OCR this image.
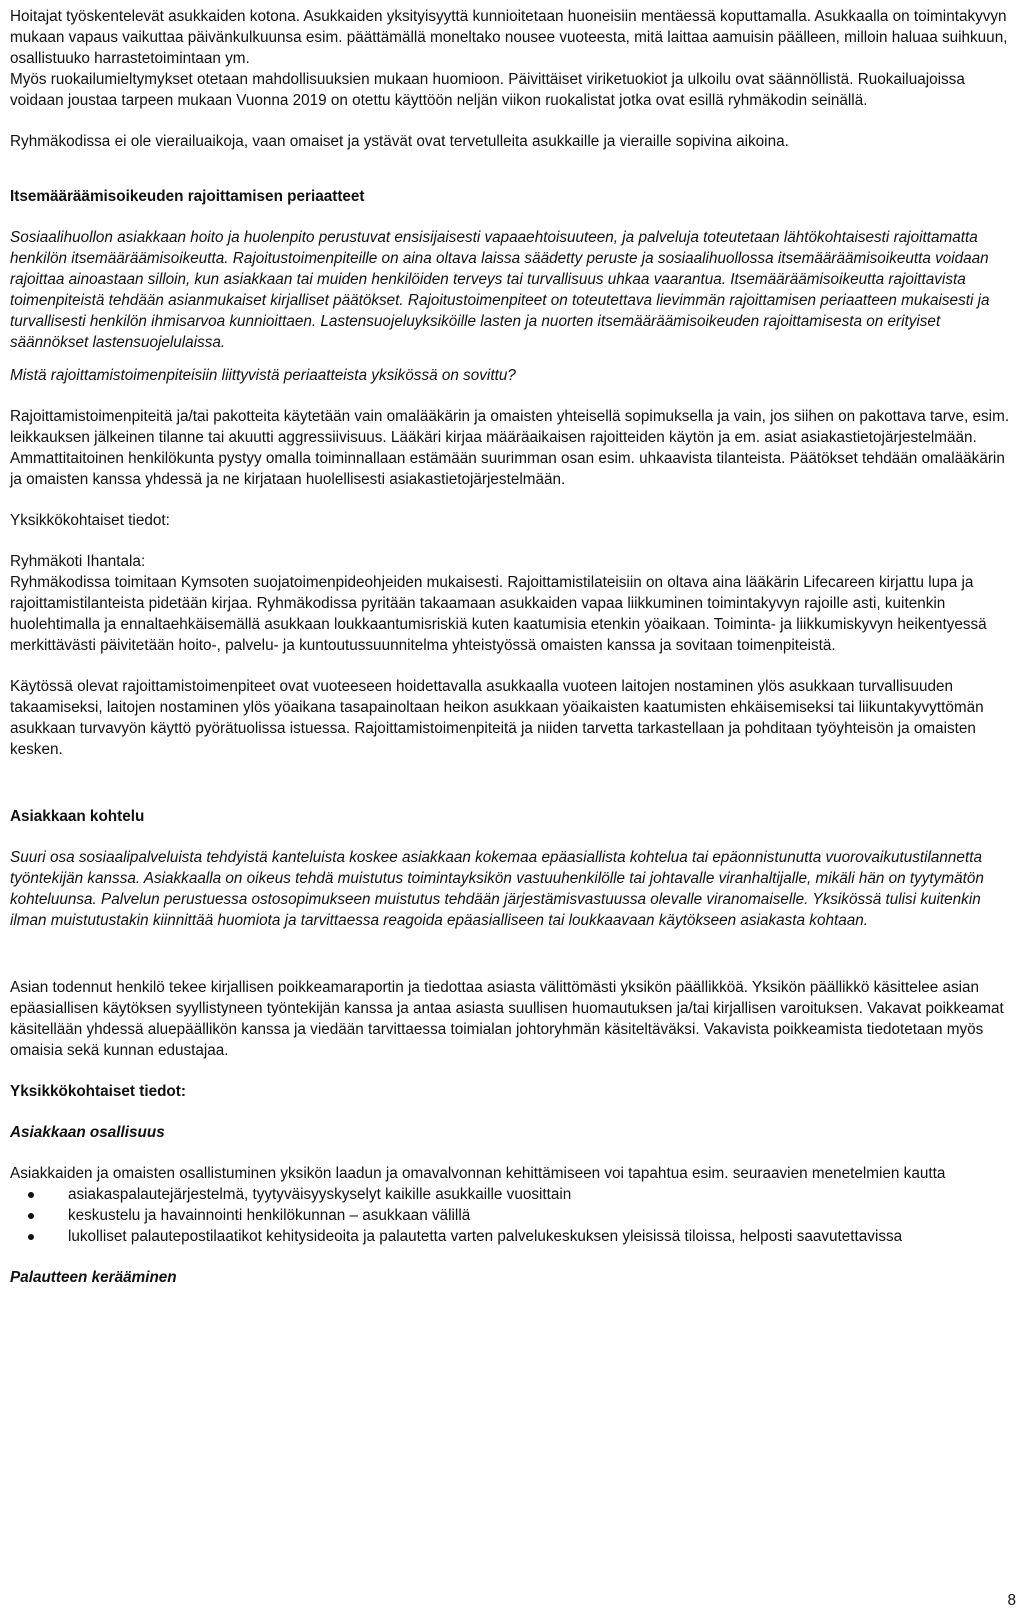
Hoitajat työskentelevät asukkaiden kotona. Asukkaiden yksityisyyttä kunnioitetaan huoneisiin mentäessä koputtamalla. Asukkaalla on toimintakyvyn mukaan vapaus vaikuttaa päivänkulkuunsa esim. päättämällä moneltako nousee vuoteesta, mitä laittaa aamuisin päälleen, milloin haluaa suihkuun, osallistuuko harrastetoimintaan ym.

Myös ruokailumieltymykset otetaan mahdollisuuksien mukaan huomioon. Päivittäiset viriketuokiot ja ulkoilu ovat säännöllistä. Ruokailuajoissa voidaan joustaa tarpeen mukaan Vuonna 2019 on otettu käyttöön neljän viikon ruokalistat jotka ovat esillä ryhmäkodin seinällä.

Ryhmäkodissa ei ole vierailuaikoja, vaan omaiset ja ystävät ovat tervetulleita asukkaille ja vieraille sopivina aikoina.

Itsemääräämisoikeuden rajoittamisen periaatteet

Sosiaalihuollon asiakkaan hoito ja huolenpito perustuvat ensisijaisesti vapaaehtoisuuteen, ja palveluja toteutetaan lähtökohtaisesti rajoittamatta henkilön itsemääräämisoikeutta. Rajoitustoimenpiteille on aina oltava laissa säädetty peruste ja sosiaalihuollossa itsemääräämisoikeutta voidaan rajoittaa ainoastaan silloin, kun asiakkaan tai muiden henkilöiden terveys tai turvallisuus uhkaa vaarantua. Itsemääräämisoikeutta rajoittavista toimenpiteistä tehdään asianmukaiset kirjalliset päätökset. Rajoitustoimenpiteet on toteutettava lievimmän rajoittamisen periaatteen mukaisesti ja turvallisesti henkilön ihmisarvoa kunnioittaen. Lastensuojeluyksiköille lasten ja nuorten itsemääräämisoikeuden rajoittamisesta on erityiset säännökset lastensuojelulaissa.

Mistä rajoittamistoimenpiteisiin liittyvistä periaatteista yksikössä on sovittu?

Rajoittamistoimenpiteitä ja/tai pakotteita käytetään vain omalääkärin ja omaisten yhteisellä sopimuksella ja vain, jos siihen on pakottava tarve, esim. leikkauksen jälkeinen tilanne tai akuutti aggressiivisuus. Lääkäri kirjaa määräaikaisen rajoitteiden käytön ja em. asiat asiakastietojärjestelmään. Ammattitaitoinen henkilökunta pystyy omalla toiminnallaan estämään suurimman osan esim. uhkaavista tilanteista. Päätökset tehdään omalääkärin ja omaisten kanssa yhdessä ja ne kirjataan huolellisesti asiakastietojärjestelmään.

Yksikkökohtaiset tiedot:

Ryhmäkoti Ihantala:

Ryhmäkodissa toimitaan Kymsoten suojatoimenpideohjeiden mukaisesti. Rajoittamistilateisiin on oltava aina lääkärin Lifecareen kirjattu lupa ja rajoittamistilanteista pidetään kirjaa. Ryhmäkodissa pyritään takaamaan asukkaiden vapaa liikkuminen toimintakyvyn rajoille asti, kuitenkin huolehtimalla ja ennaltaehkäisemällä asukkaan loukkaantumisriskiä kuten kaatumisia etenkin yöaikaan. Toiminta- ja liikkumiskyvyn heikentyessä merkittävästi päivitetään hoito-, palvelu- ja kuntoutussuunnitelma yhteistyössä omaisten kanssa ja sovitaan toimenpiteistä.

Käytössä olevat rajoittamistoimenpiteet ovat vuoteeseen hoidettavalla asukkaalla vuoteen laitojen nostaminen ylös asukkaan turvallisuuden takaamiseksi, laitojen nostaminen ylös yöaikana tasapainoltaan heikon asukkaan yöaikaisten kaatumisten ehkäisemiseksi tai liikuntakyvyttömän asukkaan turvavyön käyttö pyörätuolissa istuessa. Rajoittamistoimenpiteitä ja niiden tarvetta tarkastellaan ja pohditaan työyhteisön ja omaisten kesken.

Asiakkaan kohtelu

Suuri osa sosiaalipalveluista tehdyistä kanteluista koskee asiakkaan kokemaa epäasiallista kohtelua tai epäonnistunutta vuorovaikutustilannetta työntekijän kanssa. Asiakkaalla on oikeus tehdä muistutus toimintayksikön vastuuhenkilölle tai johtavalle viranhaltijalle, mikäli hän on tyytymätön kohteluunsa. Palvelun perustuessa ostosopimukseen muistutus tehdään järjestämisvastuussa olevalle viranomaiselle. Yksikössä tulisi kuitenkin ilman muistutustakin kiinnittää huomiota ja tarvittaessa reagoida epäasialliseen tai loukkaavaan käytökseen asiakasta kohtaan.

Asian todennut henkilö tekee kirjallisen poikkeamaraportin ja tiedottaa asiasta välittömästi yksikön päällikköä. Yksikön päällikkö käsittelee asian epäasiallisen käytöksen syyllistyneen työntekijän kanssa ja antaa asiasta suullisen huomautuksen ja/tai kirjallisen varoituksen. Vakavat poikkeamat käsitellään yhdessä aluepäällikön kanssa ja viedään tarvittaessa toimialan johtoryhmän käsiteltäväksi. Vakavista poikkeamista tiedotetaan myös omaisia sekä kunnan edustajaa.

Yksikkökohtaiset tiedot:

Asiakkaan osallisuus

Asiakkaiden ja omaisten osallistuminen yksikön laadun ja omavalvonnan kehittämiseen voi tapahtua esim. seuraavien menetelmien kautta

asiakaspalautejärjestelmä, tyytyväisyyskyselyt kaikille asukkaille vuosittain
keskustelu ja havainnointi henkilökunnan – asukkaan välillä
lukolliset palautepostilaatikot kehitysideoita ja palautetta varten palvelukeskuksen yleisissä tiloissa, helposti saavutettavissa

Palautteen kerääminen

8
